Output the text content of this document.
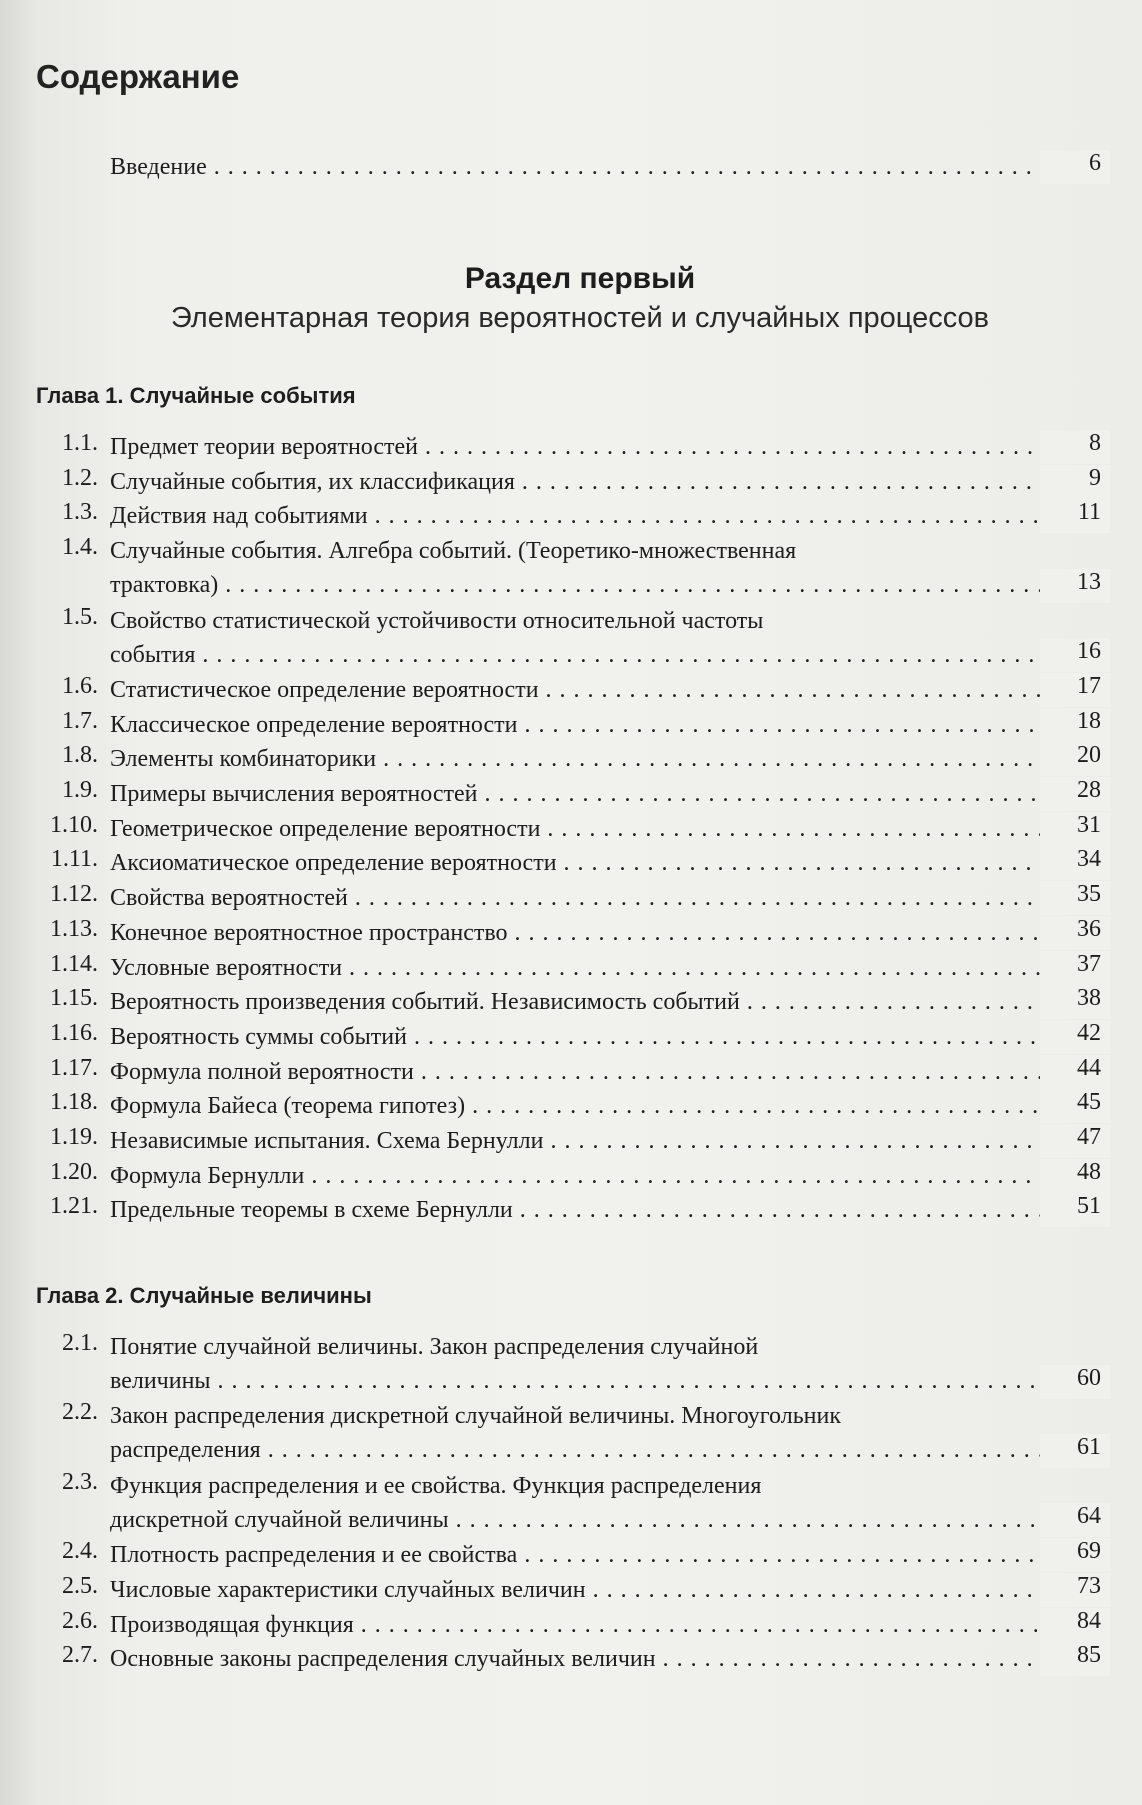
Содержание
Введение . . .	6
Раздел первый
Элементарная теория вероятностей и случайных процессов
Глава 1. Случайные события
1.1. Предмет теории вероятностей . . .	8
1.2. Случайные события, их классификация . . .	9
1.3. Действия над событиями . . .	11
1.4. Случайные события. Алгебра событий. (Теоретико-множественная
трактовка) . . .	13
1.5. Свойство статистической устойчивости относительной частоты
события . . .	16
1.6. Статистическое определение вероятности . . .	17
1.7. Классическое определение вероятности . . .	18
1.8. Элементы комбинаторики . . .	20
1.9. Примеры вычисления вероятностей . . .	28
1.10. Геометрическое определение вероятности . . .	31
1.11. Аксиоматическое определение вероятности . . .	34
1.12. Свойства вероятностей . . .	35
1.13. Конечное вероятностное пространство . . .	36
1.14. Условные вероятности . . .	37
1.15. Вероятность произведения событий. Независимость событий . . .	38
1.16. Вероятность суммы событий . . .	42
1.17. Формула полной вероятности . . .	44
1.18. Формула Байеса (теорема гипотез) . . .	45
1.19. Независимые испытания. Схема Бернулли . . .	47
1.20. Формула Бернулли . . .	48
1.21. Предельные теоремы в схеме Бернулли . . .	51
Глава 2. Случайные величины
2.1. Понятие случайной величины. Закон распределения случайной
величины . . .	60
2.2. Закон распределения дискретной случайной величины. Многоугольник
распределения . . .	61
2.3. Функция распределения и ее свойства. Функция распределения
дискретной случайной величины . . .	64
2.4. Плотность распределения и ее свойства . . .	69
2.5. Числовые характеристики случайных величин . . .	73
2.6. Производящая функция . . .	84
2.7. Основные законы распределения случайных величин . . .	85
